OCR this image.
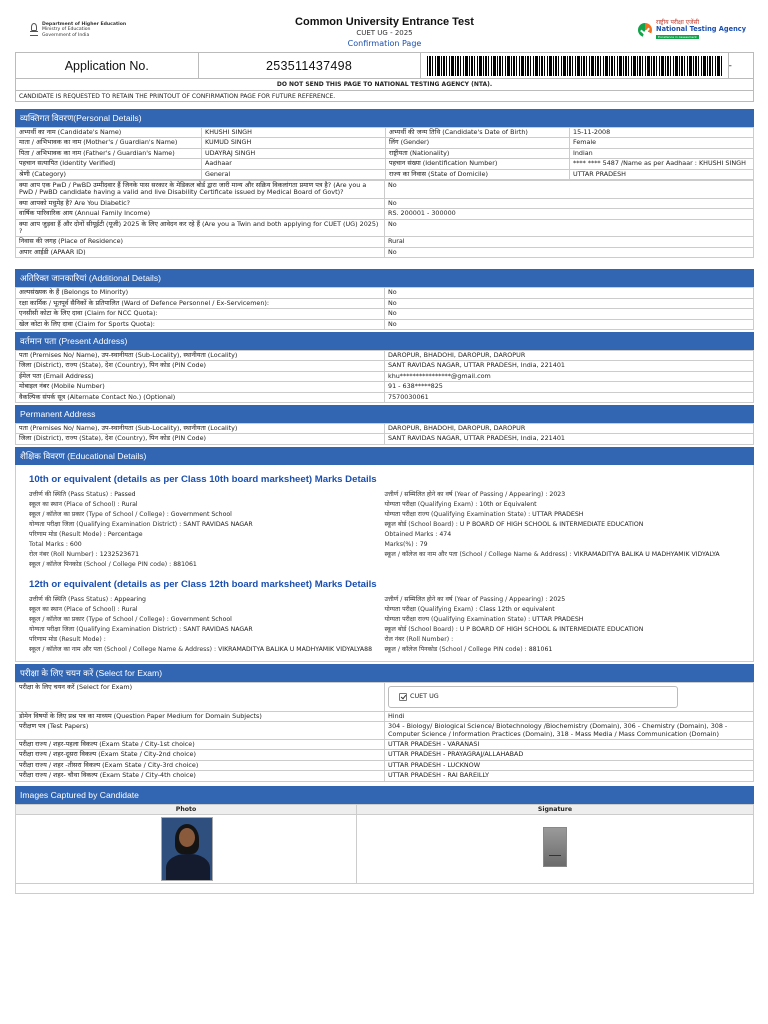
Department of Higher Education
Ministry of Education
Government of India
Common University Entrance Test
CUET UG - 2025
Confirmation Page
राष्ट्रीय परीक्षा एजेंसी
National Testing Agency
Excellence in Assessment
Application No.	253511437498		-
DO NOT SEND THIS PAGE TO NATIONAL TESTING AGENCY (NTA).
CANDIDATE IS REQUESTED TO RETAIN THE PRINTOUT OF CONFIRMATION PAGE FOR FUTURE REFERENCE.
व्यक्तिगत विवरण(Personal Details)
अभ्यर्थी का नाम (Candidate's Name)	KHUSHI SINGH	अभ्यर्थी की जन्म तिथि (Candidate's Date of Birth)	15-11-2008
माता / अभिभावक का नाम (Mother's / Guardian's Name)	KUMUD SINGH	लिंग (Gender)	Female
पिता / अभिभावक का नाम (Father's / Guardian's Name)	UDAYRAJ SINGH	राष्ट्रीयता (Nationality)	Indian
पहचान सत्यापित (Identity Verified)	Aadhaar	पहचान संख्या (Identification Number)	**** **** 5487 /Name as per Aadhaar : KHUSHI SINGH
श्रेणी (Category)	General	राज्य का निवास (State of Domicile)	UTTAR PRADESH
क्या आप एक PwD / PwBD उम्मीदवार हैं जिनके पास सरकार के मेडिकल बोर्ड द्वारा जारी मान्य और सक्रिय विकलांगता प्रमाण पत्र है? (Are you a PwD / PwBD candidate having a valid and live Disability Certificate issued by Medical Board of Govt)?	No
क्या आपको मधुमेह है? Are You Diabetic?	No
वार्षिक पारिवारिक आय (Annual Family Income)	RS. 200001 - 300000
क्या आप जुड़वा हैं और दोनों सीयूईटी (यूजी) 2025 के लिए आवेदन कर रहे हैं (Are you a Twin and both applying for CUET (UG) 2025) ?	No
निवास की जगह (Place of Residence)	Rural
अपार आईडी (APAAR ID)	No
अतिरिक्त जानकारियां (Additional Details)
अल्पसंख्यक के हैं (Belongs to Minority)	No
रक्षा कार्मिक / भूतपूर्व सैनिकों के प्रतिपालित (Ward of Defence Personnel / Ex-Servicemen):	No
एनसीसी कोटा के लिए दावा (Claim for NCC Quota):	No
खेल कोटा के लिए दावा (Claim for Sports Quota):	No
वर्तमान पता (Present Address)
पता (Premises No/ Name), उप-स्थानीयता (Sub-Locality), स्थानीयता (Locality)	DAROPUR, BHADOHI, DAROPUR, DAROPUR
जिला (District), राज्य (State), देश (Country), पिन कोड (PIN Code)	SANT RAVIDAS NAGAR, UTTAR PRADESH, India, 221401
ईमेल पता (Email Address)	khu****************@gmail.com
मोबाइल नंबर (Mobile Number)	91 - 638*****825
वैकल्पिक संपर्क सूत्र (Alternate Contact No.) (Optional)	7570030061
Permanent Address
पता (Premises No/ Name), उप-स्थानीयता (Sub-Locality), स्थानीयता (Locality)	DAROPUR, BHADOHI, DAROPUR, DAROPUR
जिला (District), राज्य (State), देश (Country), पिन कोड (PIN Code)	SANT RAVIDAS NAGAR, UTTAR PRADESH, India, 221401
शैक्षिक विवरण (Educational Details)
10th or equivalent (details as per Class 10th board marksheet) Marks Details
उत्तीर्ण की स्थिति (Pass Status) : Passed
स्कूल का स्थान (Place of School) : Rural
स्कूल / कॉलेज का प्रकार (Type of School / College) : Government School
योग्यता परीक्षा जिला (Qualifying Examination District) : SANT RAVIDAS NAGAR
परिणाम मोड (Result Mode) : Percentage
Total Marks : 600
रोल नंबर (Roll Number) : 1232523671
उत्तीर्ण / सम्मिलित होने का वर्ष (Year of Passing / Appearing) : 2023
योग्यता परीक्षा (Qualifying Exam) : 10th or Equivalent
योग्यता परीक्षा राज्य (Qualifying Examination State) : UTTAR PRADESH
स्कूल बोर्ड (School Board) : U P BOARD OF HIGH SCHOOL & INTERMEDIATE EDUCATION
Obtained Marks : 474
Marks(%) : 79
स्कूल / कॉलेज का नाम और पता (School / College Name & Address) : VIKRAMADITYA BALIKA U MADHYAMIK VIDYALYA
स्कूल / कॉलेज पिनकोड (School / College PIN code) : 881061
12th or equivalent (details as per Class 12th board marksheet) Marks Details
उत्तीर्ण की स्थिति (Pass Status) : Appearing
स्कूल का स्थान (Place of School) : Rural
स्कूल / कॉलेज का प्रकार (Type of School / College) : Government School
योग्यता परीक्षा जिला (Qualifying Examination District) : SANT RAVIDAS NAGAR
परिणाम मोड (Result Mode) :
स्कूल / कॉलेज का नाम और पता (School / College Name & Address) : VIKRAMADITYA BALIKA U MADHYAMIK VIDYALYA88
उत्तीर्ण / सम्मिलित होने का वर्ष (Year of Passing / Appearing) : 2025
योग्यता परीक्षा (Qualifying Exam) : Class 12th or equivalent
योग्यता परीक्षा राज्य (Qualifying Examination State) : UTTAR PRADESH
स्कूल बोर्ड (School Board) : U P BOARD OF HIGH SCHOOL & INTERMEDIATE EDUCATION
रोल नंबर (Roll Number) :
स्कूल / कॉलेज पिनकोड (School / College PIN code) : 881061
परीक्षा के लिए चयन करें (Select for Exam)
परीक्षा के लिए चयन करें (Select for Exam)	CUET UG

डोमेन विषयों के लिए प्रश्न पत्र का माध्यम (Question Paper Medium for Domain Subjects)	Hindi
परीक्षण पत्र (Test Papers)	304 - Biology/ Biological Science/ Biotechnology /Biochemistry (Domain), 306 - Chemistry (Domain), 308 - Computer Science / Information Practices (Domain), 318 - Mass Media / Mass Communication (Domain)
परीक्षा राज्य / शहर-पहला विकल्प (Exam State / City-1st choice)	UTTAR PRADESH - VARANASI
परीक्षा राज्य / शहर-दूसरा विकल्प (Exam State / City-2nd choice)	UTTAR PRADESH - PRAYAGRAJ/ALLAHABAD
परीक्षा राज्य / शहर -तीसरा विकल्प (Exam State / City-3rd choice)	UTTAR PRADESH - LUCKNOW
परीक्षा राज्य / शहर- चौथा विकल्प (Exam State / City-4th choice)	UTTAR PRADESH - RAI BAREILLY
Images Captured by Candidate
Photo	Signature
